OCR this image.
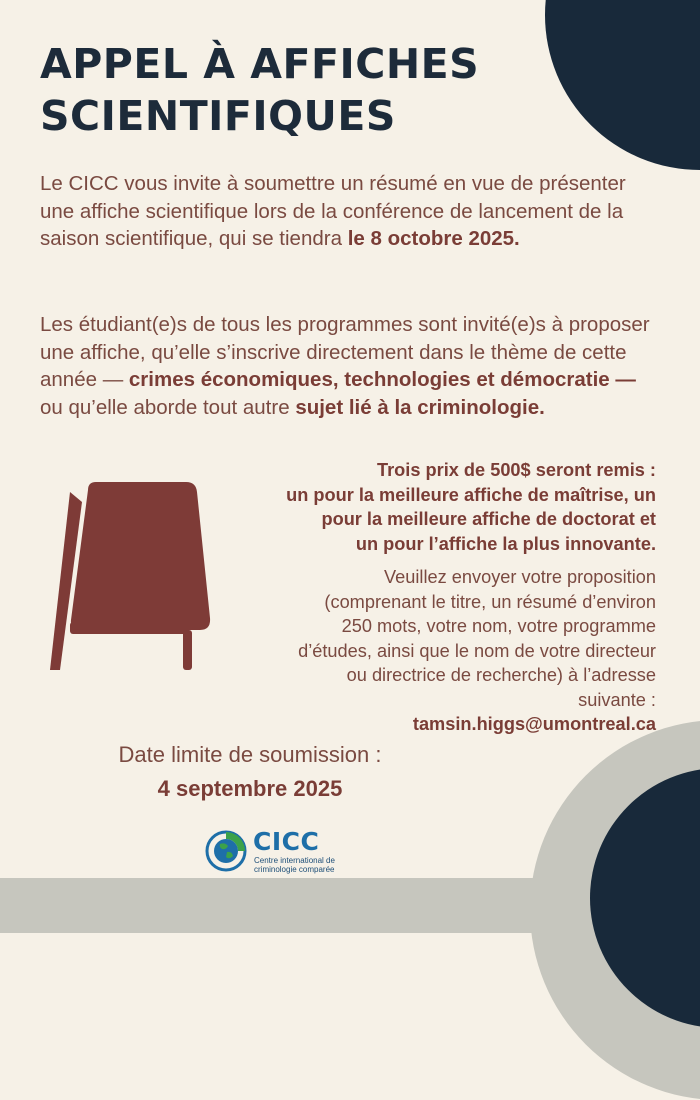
APPEL À AFFICHES
SCIENTIFIQUES

Le CICC vous invite à soumettre un résumé en vue de présenter une affiche scientifique lors de la conférence de lancement de la saison scientifique, qui se tiendra le 8 octobre 2025.

Les étudiant(e)s de tous les programmes sont invité(e)s à proposer une affiche, qu’elle s’inscrive directement dans le thème de cette année — crimes économiques, technologies et démocratie — ou qu’elle aborde tout autre sujet lié à la criminologie.

Trois prix de 500$ seront remis :
un pour la meilleure affiche de maîtrise, un
pour la meilleure affiche de doctorat et
un pour l’affiche la plus innovante.
Veuillez envoyer votre proposition
(comprenant le titre, un résumé d’environ
250 mots, votre nom, votre programme
d’études, ainsi que le nom de votre directeur
ou directrice de recherche) à l’adresse
suivante :
tamsin.higgs@umontreal.ca

Date limite de soumission :

4 septembre 2025

CICC
Centre international de
criminologie comparée
